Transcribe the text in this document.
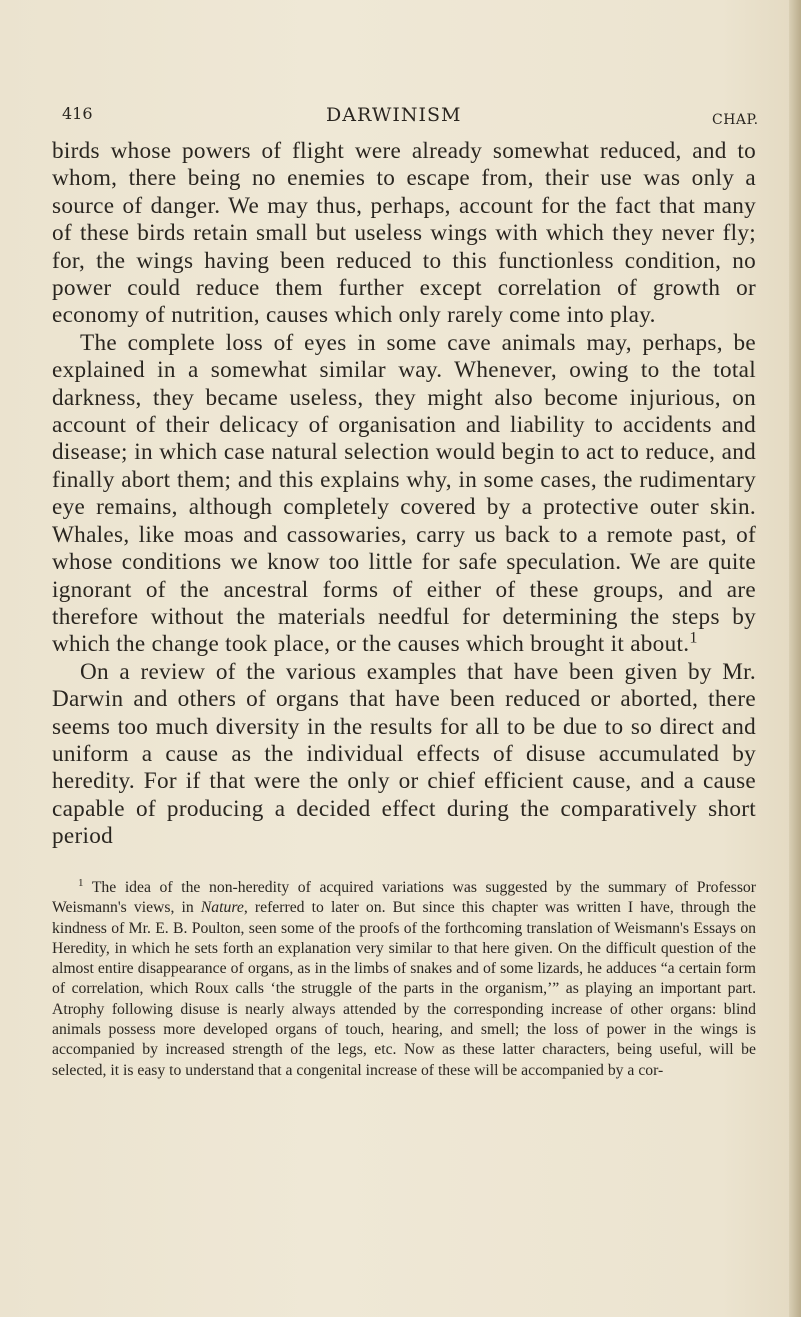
416	DARWINISM	CHAP.

birds whose powers of flight were already somewhat reduced, and to whom, there being no enemies to escape from, their use was only a source of danger. We may thus, perhaps, account for the fact that many of these birds retain small but useless wings with which they never fly; for, the wings having been reduced to this functionless condition, no power could reduce them further except correlation of growth or economy of nutrition, causes which only rarely come into play.

The complete loss of eyes in some cave animals may, perhaps, be explained in a somewhat similar way. Whenever, owing to the total darkness, they became useless, they might also become injurious, on account of their delicacy of organisation and liability to accidents and disease; in which case natural selection would begin to act to reduce, and finally abort them; and this explains why, in some cases, the rudimentary eye remains, although completely covered by a protective outer skin. Whales, like moas and cassowaries, carry us back to a remote past, of whose conditions we know too little for safe speculation. We are quite ignorant of the ancestral forms of either of these groups, and are therefore without the materials needful for determining the steps by which the change took place, or the causes which brought it about.$^1$

On a review of the various examples that have been given by Mr. Darwin and others of organs that have been reduced or aborted, there seems too much diversity in the results for all to be due to so direct and uniform a cause as the individual effects of disuse accumulated by heredity. For if that were the only or chief efficient cause, and a cause capable of producing a decided effect during the comparatively short period

$^1$ The idea of the non-heredity of acquired variations was suggested by the summary of Professor Weismann's views, in Nature, referred to later on. But since this chapter was written I have, through the kindness of Mr. E. B. Poulton, seen some of the proofs of the forthcoming translation of Weismann's Essays on Heredity, in which he sets forth an explanation very similar to that here given. On the difficult question of the almost entire disappearance of organs, as in the limbs of snakes and of some lizards, he adduces “a certain form of correlation, which Roux calls ‘the struggle of the parts in the organism,’” as playing an important part. Atrophy following disuse is nearly always attended by the corresponding increase of other organs: blind animals possess more developed organs of touch, hearing, and smell; the loss of power in the wings is accompanied by increased strength of the legs, etc. Now as these latter characters, being useful, will be selected, it is easy to understand that a congenital increase of these will be accompanied by a cor-
